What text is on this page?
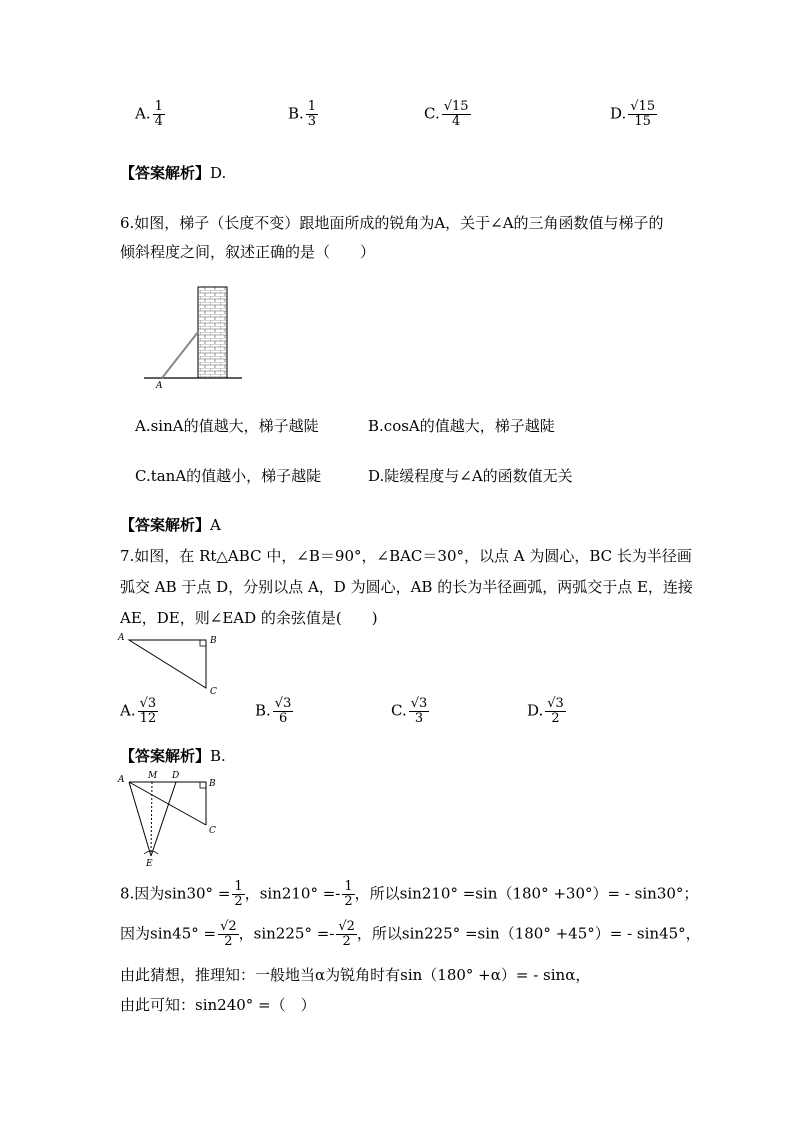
A. $\frac{1}{4}$	B. $\frac{1}{3}$	C. $\frac{√15}{4}$	D. $\frac{√15}{15}$
【答案解析】D.
6.如图，梯子（长度不变）跟地面所成的锐角为A，关于∠A的三角函数值与梯子的
倾斜程度之间，叙述正确的是（　　）
A
A.sinA的值越大，梯子越陡	B.cosA的值越大，梯子越陡
C.tanA的值越小，梯子越陡	D.陡缓程度与∠A的函数值无关
【答案解析】A
7.如图，在 Rt△ABC 中，∠B＝90°，∠BAC＝30°，以点 A 为圆心，BC 长为半径画
弧交 AB 于点 D，分别以点 A，D 为圆心，AB 的长为半径画弧，两弧交于点 E，连接
AE，DE，则∠EAD 的余弦值是(　　)
A	B
C
A. $\frac{√3}{12}$	B. $\frac{√3}{6}$	C. $\frac{√3}{3}$	D. $\frac{√3}{2}$
【答案解析】B.
A	M D
B
C
E
8.因为$\sin 30^\circ = \frac{1}{2}$ ，$\sin 210^\circ =- \frac{1}{2}$ ，所以sin210° =sin（180° +30°）= - sin30°；
因为$\sin 45^\circ = \frac{√2}{2}$ ，$\sin 225^\circ =- \frac{√2}{2}$ ，所以sin225° =sin（180° +45°）= - sin45°，
由此猜想，推理知：一般地当α为锐角时有sin（180° +α）= - sinα，
由此可知：sin240° =（　）
